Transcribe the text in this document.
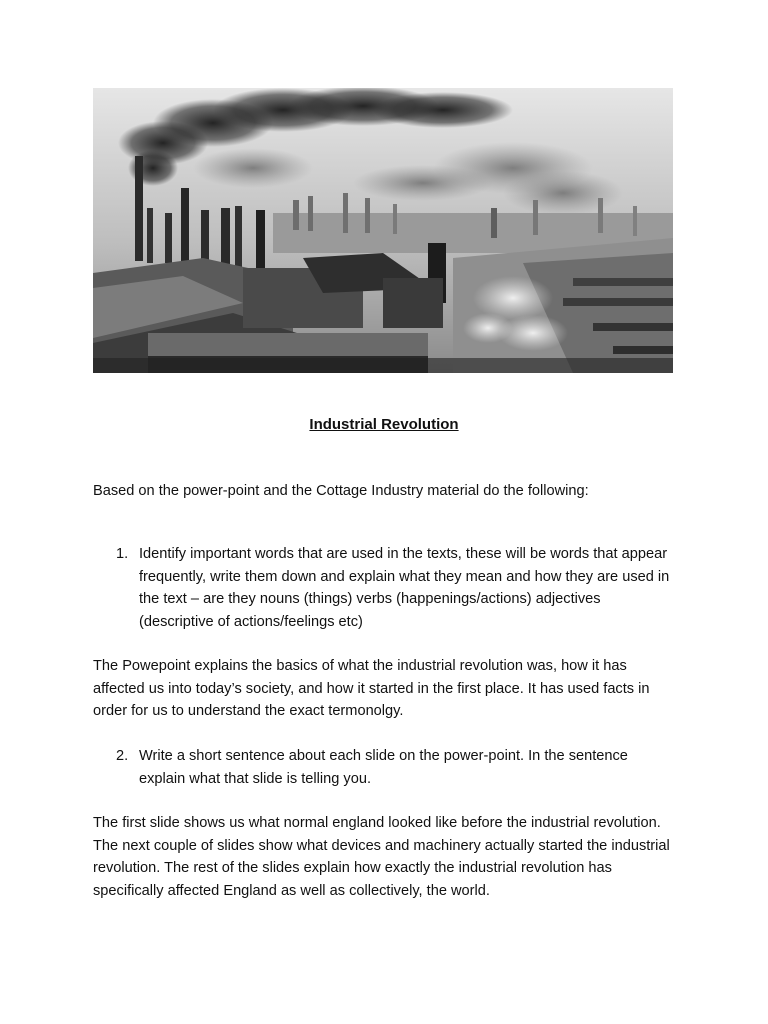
Industrial Revolution

Based on the power-point and the Cottage Industry material do the following:

1. Identify important words that are used in the texts, these will be words that appear frequently, write them down and explain what they mean and how they are used in the text – are they nouns (things) verbs (happenings/actions) adjectives (descriptive of actions/feelings etc)

The Powepoint explains the basics of what the industrial revolution was, how it has affected us into today’s society, and how it started in the first place. It has used facts in order for us to understand the exact termonolgy.

2. Write a short sentence about each slide on the power-point. In the sentence explain what that slide is telling you.

The first slide shows us what normal england looked like before the industrial revolution. The next couple of slides show what devices and machinery actually started the industrial revolution. The rest of the slides explain how exactly the industrial revolution has specifically affected England as well as collectively, the world.
